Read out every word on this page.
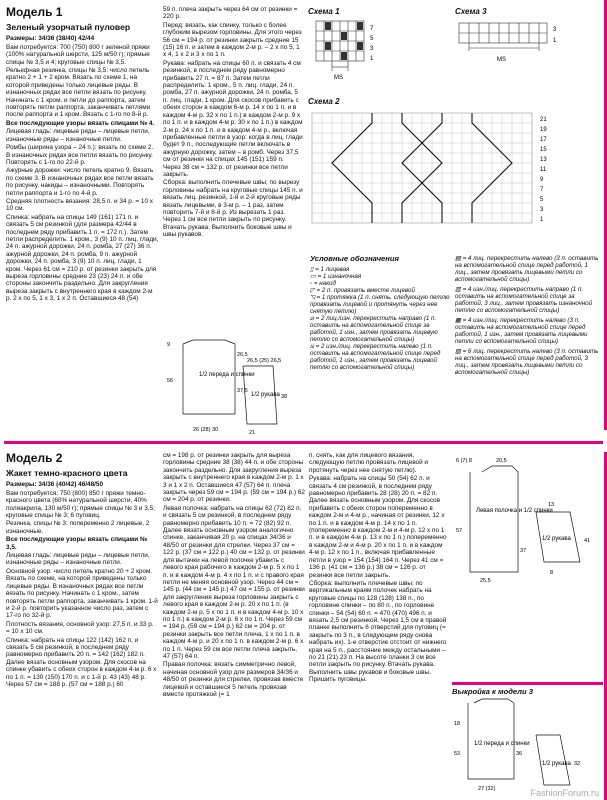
Модель 1
Зеленый узорчатый пуловер

Размеры: 34/36 (38/40) 42/44

Вам потребуется: 700 (750) 800 г зеленой пряжи (100% натуральной шерсти, 125 м/50 г); прямые спицы № 3,5 и 4; круговые спицы № 3,5.

Рельефная резинка, спицы № 3,5: число петель кратно 2 + 1 + 2 кром. Вязать по схеме 1, на которой приведены только лицевые ряды. В изнаночных рядах все петли вязать по рисунку. Начинать с 1 кром. и петли до раппорта, затем повторять петли раппорта, заканчивать петлями после раппорта и 1 кром. Вязать с 1-го по 8-й р.

Все последующие узоры вязать спицами № 4.

Лицевая гладь: лицевые ряды – лицевые петли, изнаночные ряды – изнаночные петли.

Ромбы (ширина узора – 24 п.): вязать по схеме 2. В изнаночных рядах все петли вязать по рисунку. Повторять с 1-го по 22-й р.

Ажурные дорожки: число петель кратно 9. Вязать по схеме 3. В изнаночных рядах все петли вязать по рисунку, накиды – изнаночными. Повторять петли раппорта и 1-го по 4-й р.

Средняя плотность вязания: 28,5 п. и 34 р. = 10 х 10 см.

Спинка: набрать на спицы 149 (161) 171 п. и связать 5 см резинкой (для размера 42/44 в последнем ряду прибавить 1 п. = 172 п.). Затем петли распределить: 1 кром., 3 (9) 10 п. лиц. глади, 24 п. ажурной дорожки, 24 п. ромба, 27 (27) 36 п. ажурной дорожки, 24 п. ромба, 9 п. ажурной дорожки, 24 п. ромба, 3 (9) 10 п. лиц. глади, 1 кром. Через 61 см = 210 р. от резинки закрыть для выреза горловины средние 23 (23) 24 п. и обе стороны закончить раздельно. Для закругления выреза закрыть с внутреннего края в каждом 2-м р. 2 х по 5, 1 х 3, 1 х 2 п. Оставшиеся 48 (54)

59 п. плеча закрыть через 64 см от резинки = 220 р.

Перед: вязать, как спинку, только с более глубоким вырезом горловины. Для этого через 56 см = 194 р. от резинки закрыть средние 15 (15) 16 п. и затем в каждом 2-м р. – 2 х по 5, 1 х 4, 1 х 2 и 3 х по 1 п.

Рукава: набрать на спицы 60 п. и связать 4 см резинкой, в последнем ряду равномерно прибавить 27 п. = 87 п. Затем петли распределить: 1 кром., 5 п. лиц. глади, 24 п. ромба, 27 п. ажурной дорожки, 24 п. ромба, 5 п. лиц. глади, 1 кром. Для скосов прибавить с обеих сторон в каждом 6-м р. 14 х по 1 п. и в каждом 4-м р. 32 х по 1 п.) в каждом 2-м р. 9 х по 1 п. и в каждом 4-м р. 30 х по 1 п.) в каждом 2-м р. 24 х по 1 п. и в каждом 4-м р., включая прибавленные петли в узор: когда в лиц. глади будет 9 п., последующие петли включать в ажурную дорожку, затем – в ромб. Через 37,5 см от резинки на спицах 145 (151) 159 п. Через 38 см = 132 р. от резинки все петли закрыть.

Сборка: выполнить плечевые швы; по вырезу горловины набрать на круговые спицы 145 п. и вязать лиц. резинкой, 1-й и 2-й круговые ряды вязать лицевыми, в 3-м р. – 1 раз, затем повторить 7-й и 8-й р. Из вырезать 1 раз. Через 1 см все петли закрыть по рисунку. Втачать рукава. Выполнить боковые швы и швы рукавов.

Схема 1
7
5
3
1
MS
Схема 3
3
1
MS
Схема 2
21
19
17
15
13
11
9
7
5
3
1
Условные обозначения
▯ = 1 лицевая
▭ = 1 изнаночная
◦ = накид
◸ = 2 п. провязать вместе лицевой
◹ = 1 протяжка (1 п. снять, следующую петлю провязать лицевой и протянуть через нее снятую петлю)
⧄ = 2 лиц./изн. перекрестить направо (1 п. оставить на вспомогательной спице за работой, 1 изн., затем провязать лицевую петлю со вспомогательной спицы)
⧅ = 2 изн./лиц. перекрестить налево (1 п. оставить на вспомогательной спице перед работой, 1 изн., затем провязать лицевой петлю со вспомогательной спицы)
▤ = 4 лиц. перекрестить налево (3 п. оставить на вспомогательной спице перед работой, 1 лиц., затем провязать лицевыми петли со вспомогательной спицы)
▥ = 4 изн./лиц. перекрестить направо (1 п. оставить на вспомогательной спице за работой, 3 лиц., затем провязать изнаночной петлю со вспомогательной спицы)
▦ = 4 изн./лиц. перекрестить налево (3 п. оставить на вспомогательной спице перед работой, 1 изн., затем провязать лицевыми петли со вспомогательной спицы)
▧ = 6 лиц. перекрестить налево (3 п. оставить на вспомогательной спице перед работой, 3 лиц., затем провязать лицевыми петли со вспомогательной спицы)
1/2 переда и спинки
1/2 рукава
9
26,5
56
37,5
26 (28) 30
26,5 (25) 26,5
21
38
Модель 2
Жакет темно-красного цвета

Размеры: 34/36 (40/42) 46/48/50

Вам потребуется: 750 (800) 850 г пряжи темно-красного цвета (60% натуральной шерсти, 40% полиакрила, 130 м/50 г); прямые спицы № 3 и 3,5; круговые спицы № 3; 6 пуговиц.

Резинка, спицы № 3: попеременно 2 лицевые, 2 изнаночные.

Все последующие узоры вязать спицами № 3,5.

Лицевая гладь: лицевые ряды – лицевые петли, изнаночные ряды – изнаночные петли.

Основной узор: число петель кратно 20 + 2 кром. Вязать по схеме, на которой приведены только лицевые ряды. В изнаночных рядах все петли вязать по рисунку. Начинать с 1 кром., затем повторять петли раппорта, заканчивать 1 кром. 1-й и 2-й р. повторить указанное число раз, затем с 17-го по 32-й р.

Плотность вязания, основной узор: 27,5 п. и 33 р. = 10 х 10 см.

Спинка: набрать на спицы 122 (142) 162 п. и связать 5 см резинкой, в последнем ряду равномерно прибавить 20 п. = 142 (162) 182 п. Далее вязать основным узором. Для скосов на спинке убавить с обеих сторон в каждом 4-м р. 6 х по 1 п. = 130 (150) 170 п. и с 1-й р. 43 (43) 48 р. Через 57 см = 188 р. (57 см = 188 р.) 60

см = 198 р. от резинки закрыть для выреза горловины средние 38 (38) 44 п. и обе стороны закончить раздельно. Для закругления выреза закрыть с внутреннего края в каждом 2-м р. 1 х 3 и 1 х 2 п. Оставшиеся 47 (57) 64 п. плеча закрыть через 59 см = 194 р. (59 см = 194 р.) 62 см = 204 р. от резинки.

Левая полочка: набрать на спицы 62 (72) 82 п. и связать 5 см резинкой, в последнем ряду равномерно прибавить 10 п. = 72 (82) 92 п. Далее вязать основным узором аналогично спинке, заканчивая 20 р. на спицах 34/36 и 48/50 от резинки для стрелки. Через 37 см = 122 р. (37 см = 122 р.) 40 см = 132 р. от резинки для вытачки на левой полочке убавить с левого края рабочего в каждом 2-м р. 5 х по 1 п. и в каждом 4-м р. 4 х по 1 п. и с правого края петли не меняя основной узор. Через 44 см = 145 р. (44 см = 145 р.) 47 см = 155 р. от резинки для закругления выреза горловины закрыть с левого края в каждом 2-м р. 20 х по 1 п. (в каждом 2-м р. 5 х по 1 п. и в каждом 4-м р. 10 х по 1 п.) в каждом 2-м р. 6 х по 1 п. Через 59 см = 194 р. (59 см = 194 р.) 62 см = 204 р. от резинки закрыть все петли плеча, 1 х по 1 п. в каждом 4-м р. и 20 х по 1 п. в каждом 2-м р. 6 х по 1 п. Через 59 см все петли плеча закрыть, 47 (57) 64 п.

Правая полочка: вязать симметрично левой, начиная основной узор для размеров 34/36 и 48/50 от резинки для стрелки, провязав вместе лицевой и оставшиеся 5 петель провязав вместе протяжкой (= 1

п. снять, как для лицевого вязания, следующую петлю провязать лицевой и протянуть через нее снятую петлю).

Рукава: набрать на спицы 50 (54) 62 п. и связать 4 см резинкой, в последнем ряду равномерно прибавить 28 (28) 20 п. = 82 п. Далее вязать основным узором. Для скосов прибавить с обеих сторон попеременно в каждом 2-м и 4-м р., начиная от резинки, 12 х по 1 п. и в каждом 4-м р. 14 х по 1 п. (попеременно в каждом 2-м и 4-м р. 12 х по 1 п. и в каждом 4-м р. 13 х по 1 п.) попеременно в каждом 2-м и 4-м р. 20 х по 1 п. и в каждом 4-м р. 12 х по 1 п., включая прибавленные петли в узор = 154 (154) 164 п. Через 41 см = 136 р. (41 см = 136 р.) 38 см = 126 р. от резинки все петли закрыть.

Сборка: выполнить плечевые швы; по вертикальным краям полочек набрать на круговые спицы по 128 (128) 138 п., по горловине спинки – по 80 п., по горловине спинки – 54 (54) 60 п. = 470 (470) 496 п. и вязать 2,5 см резинкой. Через 1,5 см в правой планке выполнить 6 отверстий для пуговиц (= закрыть по 3 п., в следующем ряду снова набрать их). 1-е отверстие отстоит от нижнего края на 5 п., расстояние между остальными – по 21 (21) 23 п. На высоте планки 3 см все петли закрыть по рисунку. Втачать рукава. Выполнить швы рукавов и боковые швы. Пришить пуговицы.

Левая полочка и 1/2 спинки
1/2 рукава
6 (7) 8	20,5
57
37
25,5
13
41
8
Выкройка к модели 3
1/2 переда и спинки
1/2 рукава
18
53	36
32
27 (32)	FashionForum.ru
